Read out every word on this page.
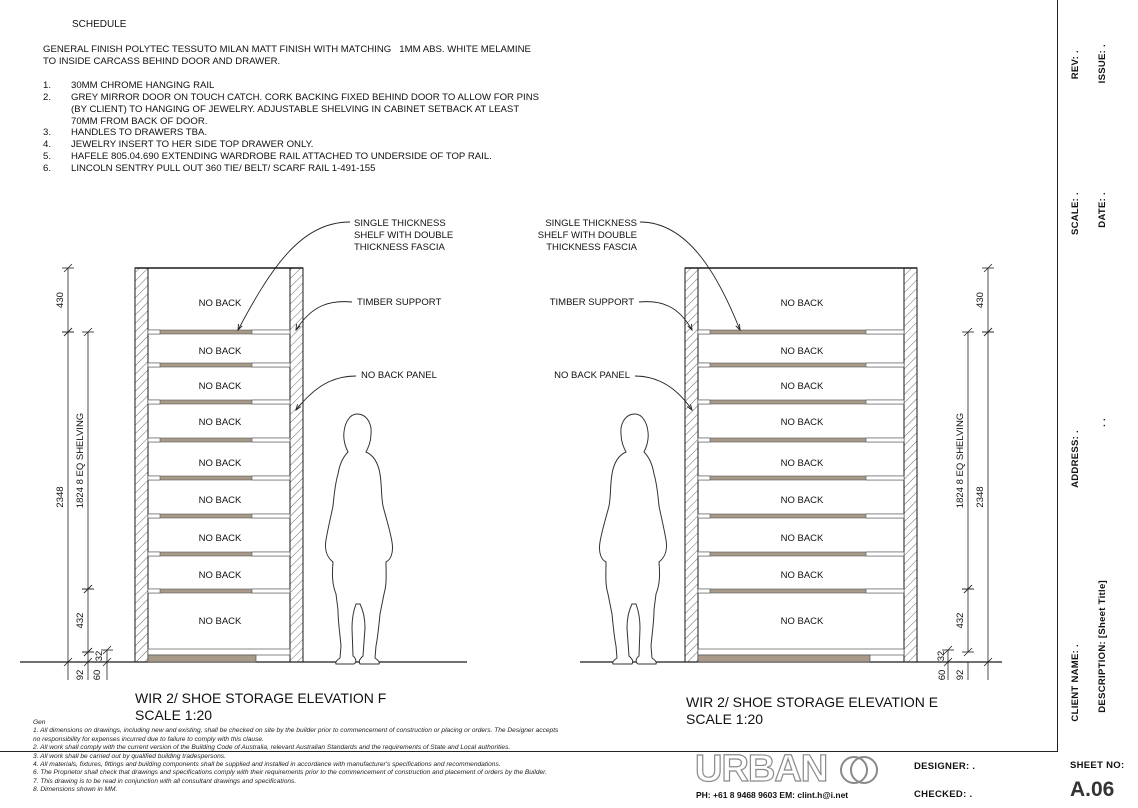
SCHEDULE
GENERAL FINISH POLYTEC TESSUTO MILAN MATT FINISH WITH MATCHING   1MM ABS. WHITE MELAMINE
TO INSIDE CARCASS BEHIND DOOR AND DRAWER.
1. 30MM CHROME HANGING RAIL
2. GREY MIRROR DOOR ON TOUCH CATCH. CORK BACKING FIXED BEHIND DOOR TO ALLOW FOR PINS (BY CLIENT) TO HANGING OF JEWELRY. ADJUSTABLE SHELVING IN CABINET SETBACK AT LEAST 70MM FROM BACK OF DOOR.
3. HANDLES TO DRAWERS TBA.
4. JEWELRY INSERT TO HER SIDE TOP DRAWER ONLY.
5. HAFELE 805.04.690 EXTENDING WARDROBE RAIL ATTACHED TO UNDERSIDE OF TOP RAIL.
6. LINCOLN SENTRY PULL OUT 360 TIE/ BELT/ SCARF RAIL 1-491-155
NO BACK
NO BACK
NO BACK
NO BACK
NO BACK
NO BACK
NO BACK
NO BACK
NO BACK
NO BACK
NO BACK
NO BACK
NO BACK
NO BACK
NO BACK
NO BACK
NO BACK
NO BACK
SINGLE THICKNESS
SHELF WITH DOUBLE
THICKNESS FASCIA
TIMBER SUPPORT
NO BACK PANEL
SINGLE THICKNESS
SHELF WITH DOUBLE
THICKNESS FASCIA
TIMBER SUPPORT
NO BACK PANEL
430
2348 1824 8 EQ SHELVING
432
32
92 60
430
2348
1824 8 EQ SHELVING
432
32
92
60
WIR 2/ SHOE STORAGE ELEVATION F
SCALE 1:20
WIR 2/ SHOE STORAGE ELEVATION E
SCALE 1:20
Gen
1. All dimensions on drawings, including new and existing, shall be checked on site by the builder prior to commencement of construction or placing or orders. The Designer accepts
no responsibility for expenses incurred due to failure to comply with this clause.
2. All work shall comply with the current version of the Building Code of Australia, relevant Australian Standards and the requirements of State and Local authorities.
3. All work shall be carried out by qualified building tradespersons.
4. All materials, fixtures, fittings and building components shall be supplied and installed in accordance with manufacturer's specifications and recommendations.
6. The Proprietor shall check that drawings and specifications comply with their requirements prior to the commencement of construction and placement of orders by the Builder.
7. This drawing is to be read in conjunction with all consultant drawings and specifications.
8. Dimensions shown in MM.	URBAN
PH: +61 8 9468 9603 EM: clint.h@i.net
DESIGNER: .
CHECKED: .
SHEET NO:
A.06
REV: . ISSUE: .
SCALE: . DATE: .
ADDRESS: .
. .
CLIENT NAME: . DESCRIPTION: [Sheet Title]
